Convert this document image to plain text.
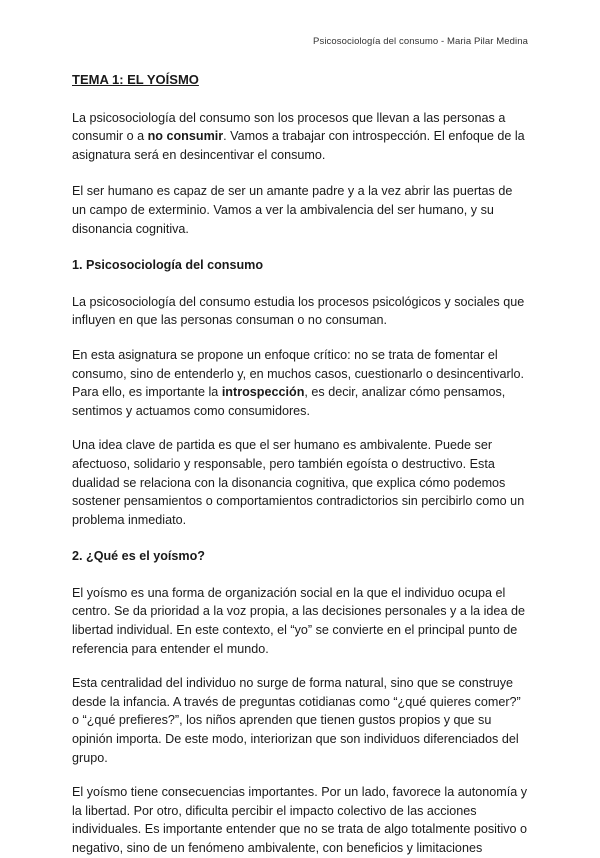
Psicosociología del consumo - Maria Pilar Medina

TEMA 1: EL YOÍSMO

La psicosociología del consumo son los procesos que llevan a las personas a consumir o a no consumir. Vamos a trabajar con introspección. El enfoque de la asignatura será en desincentivar el consumo.

El ser humano es capaz de ser un amante padre y a la vez abrir las puertas de un campo de exterminio. Vamos a ver la ambivalencia del ser humano, y su disonancia cognitiva.

1. Psicosociología del consumo

La psicosociología del consumo estudia los procesos psicológicos y sociales que influyen en que las personas consuman o no consuman.

En esta asignatura se propone un enfoque crítico: no se trata de fomentar el consumo, sino de entenderlo y, en muchos casos, cuestionarlo o desincentivarlo. Para ello, es importante la introspección, es decir, analizar cómo pensamos, sentimos y actuamos como consumidores.

Una idea clave de partida es que el ser humano es ambivalente. Puede ser afectuoso, solidario y responsable, pero también egoísta o destructivo. Esta dualidad se relaciona con la disonancia cognitiva, que explica cómo podemos sostener pensamientos o comportamientos contradictorios sin percibirlo como un problema inmediato.

2. ¿Qué es el yoísmo?

El yoísmo es una forma de organización social en la que el individuo ocupa el centro. Se da prioridad a la voz propia, a las decisiones personales y a la idea de libertad individual. En este contexto, el “yo” se convierte en el principal punto de referencia para entender el mundo.

Esta centralidad del individuo no surge de forma natural, sino que se construye desde la infancia. A través de preguntas cotidianas como “¿qué quieres comer?” o “¿qué prefieres?”, los niños aprenden que tienen gustos propios y que su opinión importa. De este modo, interiorizan que son individuos diferenciados del grupo.

El yoísmo tiene consecuencias importantes. Por un lado, favorece la autonomía y la libertad. Por otro, dificulta percibir el impacto colectivo de las acciones individuales. Es importante entender que no se trata de algo totalmente positivo o negativo, sino de un fenómeno ambivalente, con beneficios y limitaciones
